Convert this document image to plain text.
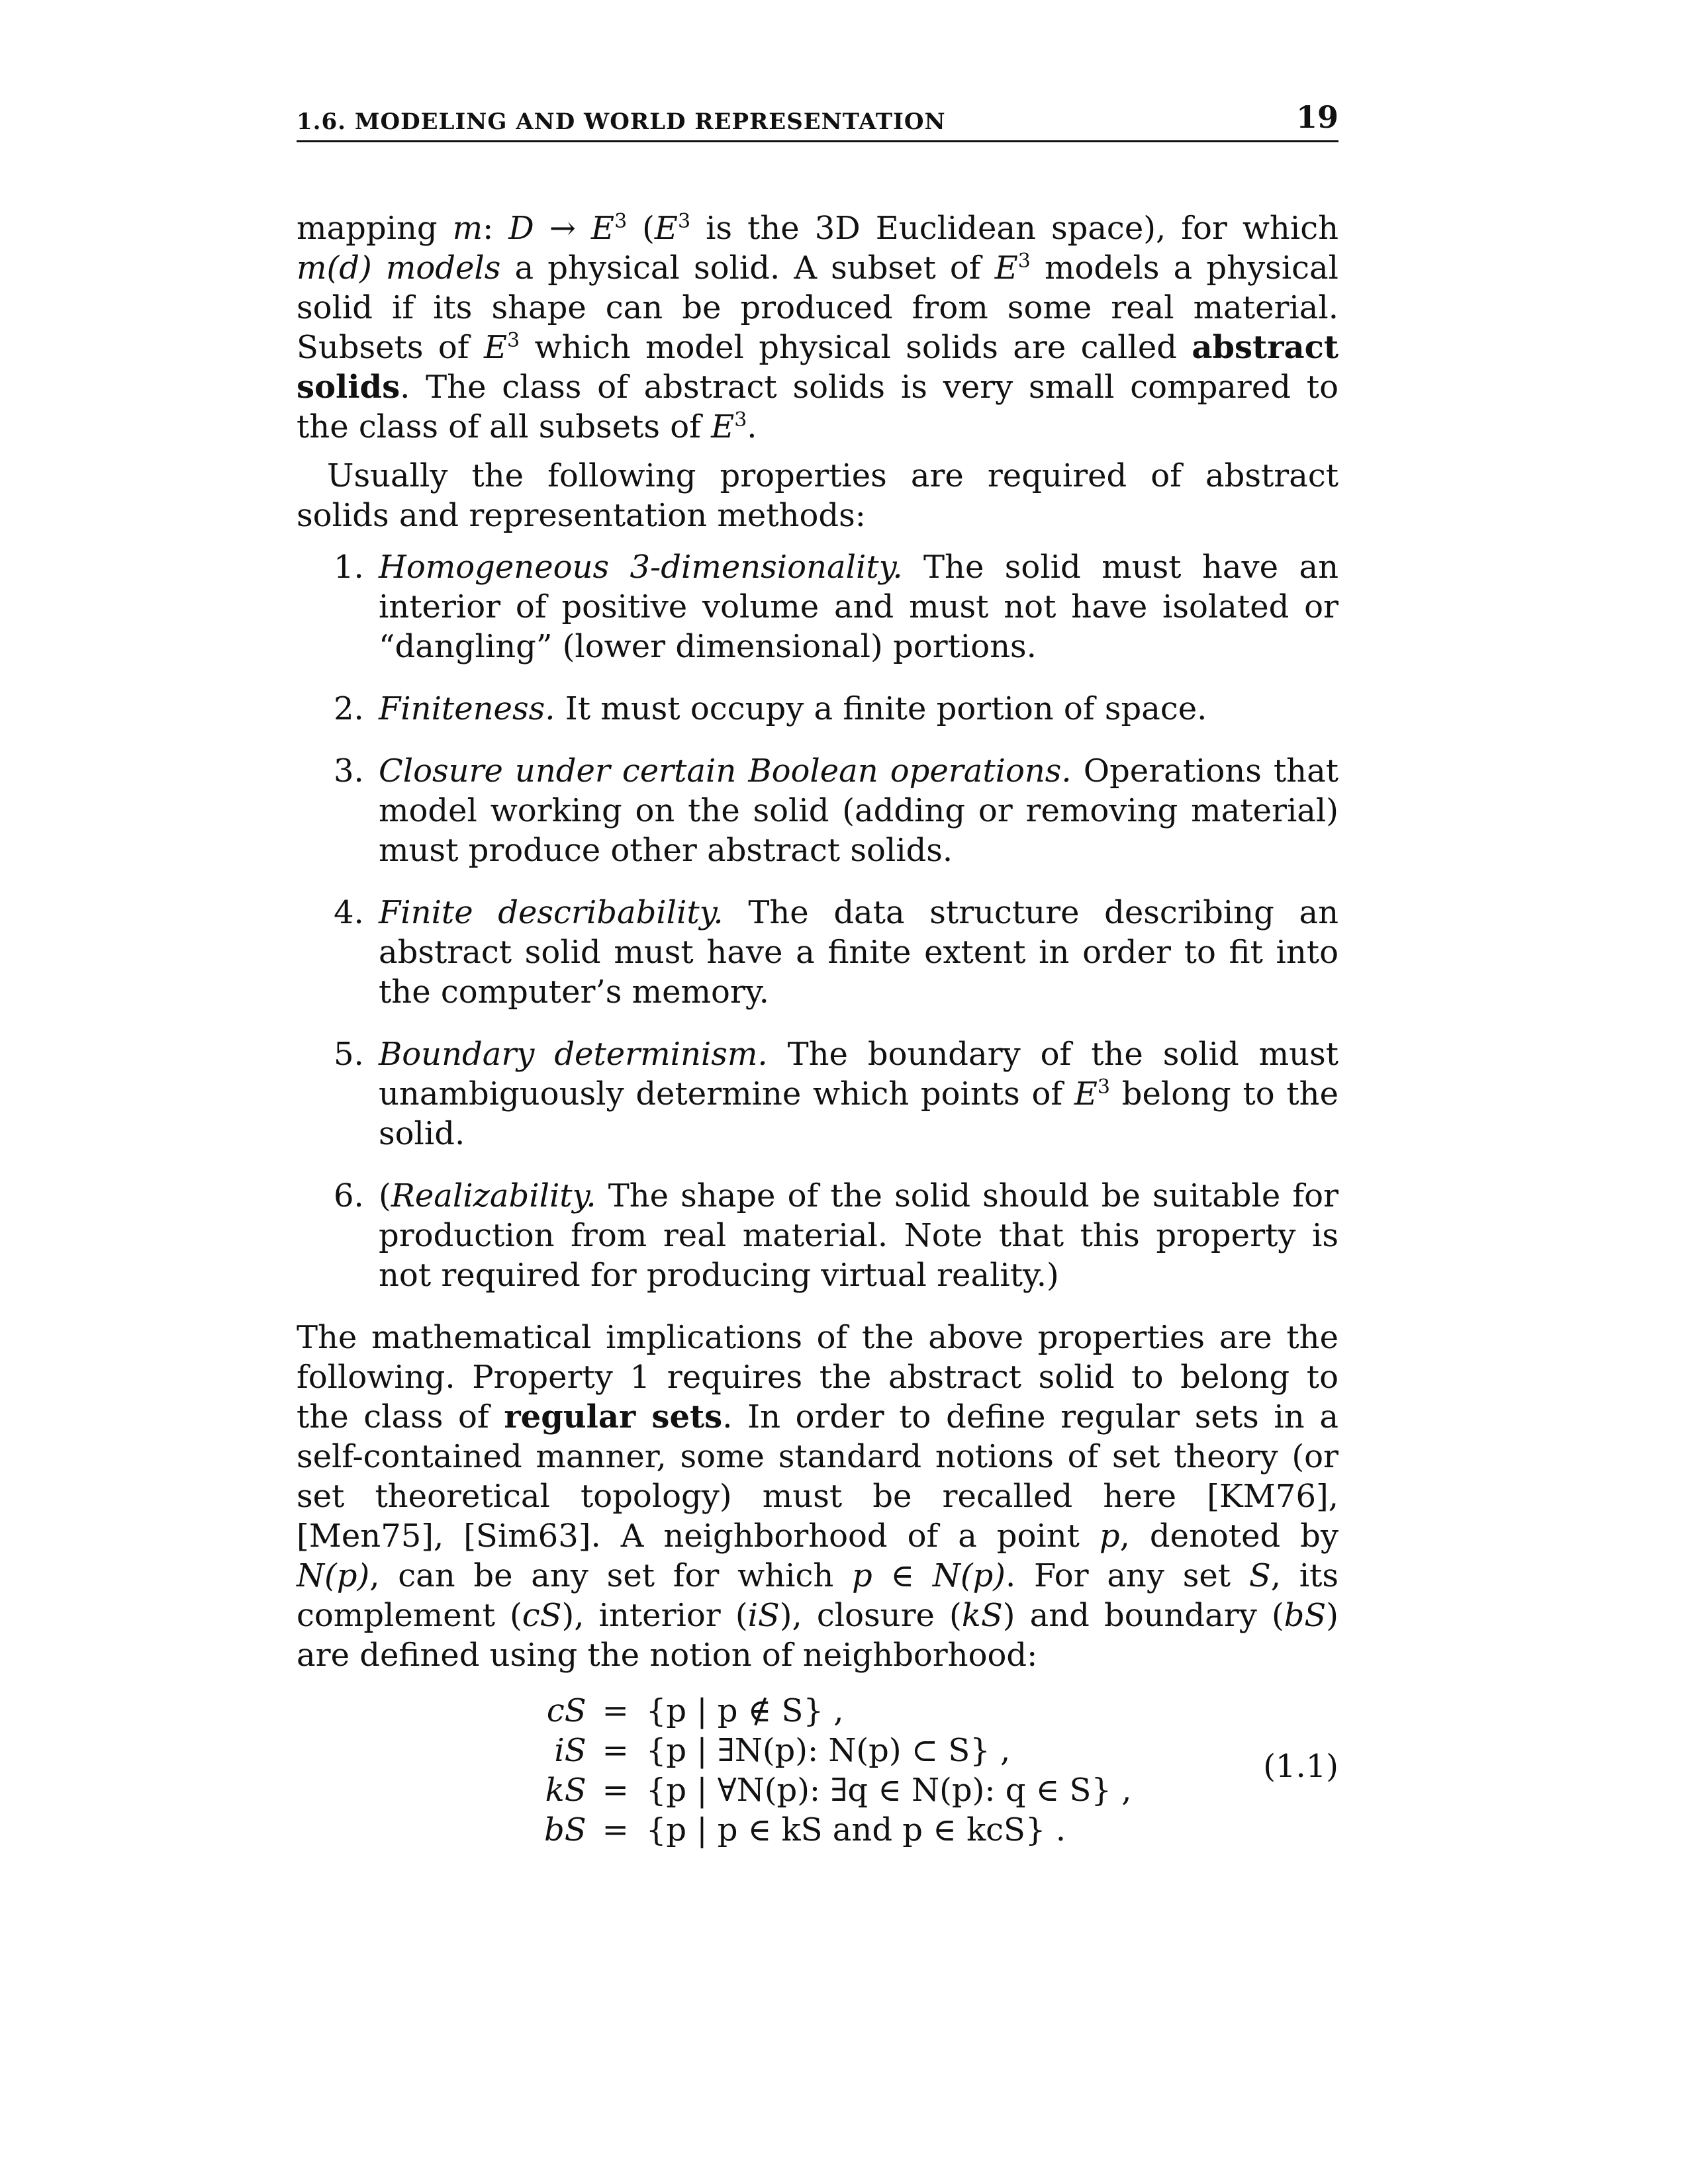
1.6. MODELING AND WORLD REPRESENTATION	19

mapping m: $D \to E^3$ ($E^3$ is the 3D Euclidean space), for which m(d) models a physical solid. A subset of $E^3$ models a physical solid if its shape can be produced from some real material. Subsets of $E^3$ which model physical solids are called abstract solids. The class of abstract solids is very small compared to the class of all subsets of $E^3$.

Usually the following properties are required of abstract solids and representation methods:

1. Homogeneous 3-dimensionality. The solid must have an interior of positive volume and must not have isolated or “dangling” (lower dimensional) portions.
2. Finiteness. It must occupy a finite portion of space.
3. Closure under certain Boolean operations. Operations that model working on the solid (adding or removing material) must produce other abstract solids.
4. Finite describability. The data structure describing an abstract solid must have a finite extent in order to fit into the computer’s memory.
5. Boundary determinism. The boundary of the solid must unambiguously determine which points of $E^3$ belong to the solid.
6. (Realizability. The shape of the solid should be suitable for production from real material. Note that this property is not required for producing virtual reality.)

The mathematical implications of the above properties are the following. Property 1 requires the abstract solid to belong to the class of regular sets. In order to define regular sets in a self-contained manner, some standard notions of set theory (or set theoretical topology) must be recalled here [KM76], [Men75], [Sim63]. A neighborhood of a point p, denoted by N(p), can be any set for which p ∈ N(p). For any set S, its complement (cS), interior (iS), closure (kS) and boundary (bS) are defined using the notion of neighborhood:

cS	=	{p | p ∉ S} ,
iS	=	{p | ∃N(p): N(p) ⊂ S} ,
kS	=	{p | ∀N(p): ∃q ∈ N(p): q ∈ S} ,
bS	=	{p | p ∈ kS and p ∈ kcS} .
(1.1)
